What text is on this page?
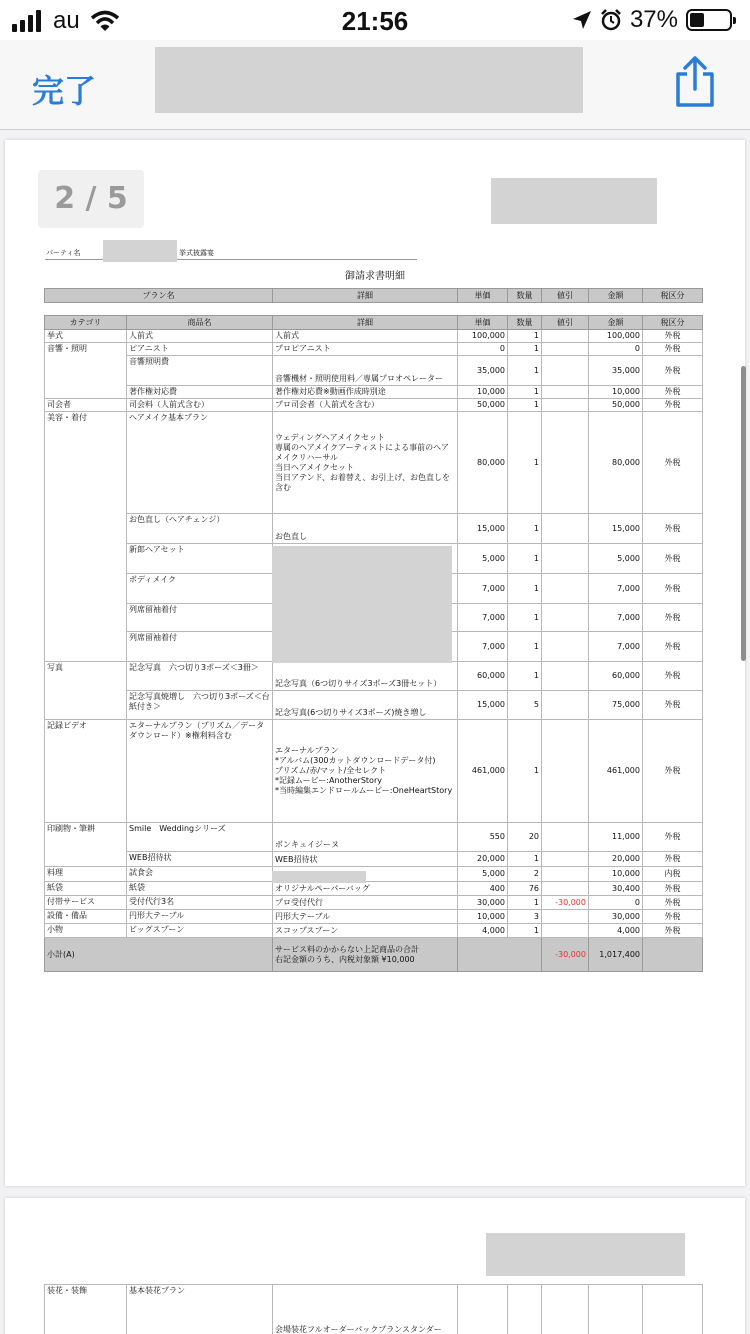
au	21:56	37%
完了
2 / 5
パーティ名	挙式披露宴
御請求書明細
プラン名	詳細	単価	数量	値引	金額	税区分
カテゴリ	商品名	詳細	単価	数量	値引	金額	税区分
挙式	人前式	人前式	100,000	1		100,000	外税
音響・照明	ピアニスト	プロピアニスト	0	1		0	外税
	音響照明費	音響機材・照明使用料／専属プロオペレーター	35,000	1		35,000	外税
	著作権対応費	著作権対応費※動画作成時別途	10,000	1		10,000	外税
司会者	司会料（人前式含む）	プロ司会者（人前式を含む）	50,000	1		50,000	外税
美容・着付	ヘアメイク基本プラン	ウェディングヘアメイクセット
専属のヘアメイクアーティストによる事前のヘアメイクリハーサル
当日ヘアメイクセット
当日アテンド、お着替え、お引上げ、お色直しを含む	80,000	1		80,000	外税
	お色直し（ヘアチェンジ）	お色直し	15,000	1		15,000	外税
	新郎ヘアセット		5,000	1		5,000	外税
	ボディメイク		7,000	1		7,000	外税
	列席留袖着付		7,000	1		7,000	外税
	列席留袖着付		7,000	1		7,000	外税
写真	記念写真　六つ切り3ポーズ＜3冊＞	記念写真（6つ切りサイズ3ポーズ3冊セット）	60,000	1		60,000	外税
	記念写真焼増し　六つ切り3ポーズ＜台紙付き＞	記念写真(6つ切りサイズ3ポーズ)焼き増し	15,000	5		75,000	外税
記録ビデオ	エターナルプラン（プリズム／データダウンロード）※権利料含む	エターナルプラン
*アルバム(300カットダウンロードデータ付)
プリズム/赤/マット/全セレクト
*記録ムービー:AnotherStory
*当時編集エンドロールムービー:OneHeartStory	461,000	1		461,000	外税
印刷物・筆耕	Smile　Weddingシリーズ	ボンキュイジーヌ	550	20		11,000	外税
	WEB招待状	WEB招待状	20,000	1		20,000	外税
料理	試食会		5,000	2		10,000	内税
紙袋	紙袋	オリジナルペーパーバッグ	400	76		30,400	外税
付帯サービス	受付代行3名	プロ受付代行	30,000	1	-30,000	0	外税
設備・備品	円形大テーブル	円形大テーブル	10,000	3		30,000	外税
小物	ビッグスプーン	スコップスプーン	4,000	1		4,000	外税
小計(A)		サービス料のかからない上記商品の合計
右記金額のうち、内税対象額 ¥10,000			-30,000	1,017,400	
装花・装飾	基本装花プラン	会場装花フルオーダーパックプランスタンダー					
